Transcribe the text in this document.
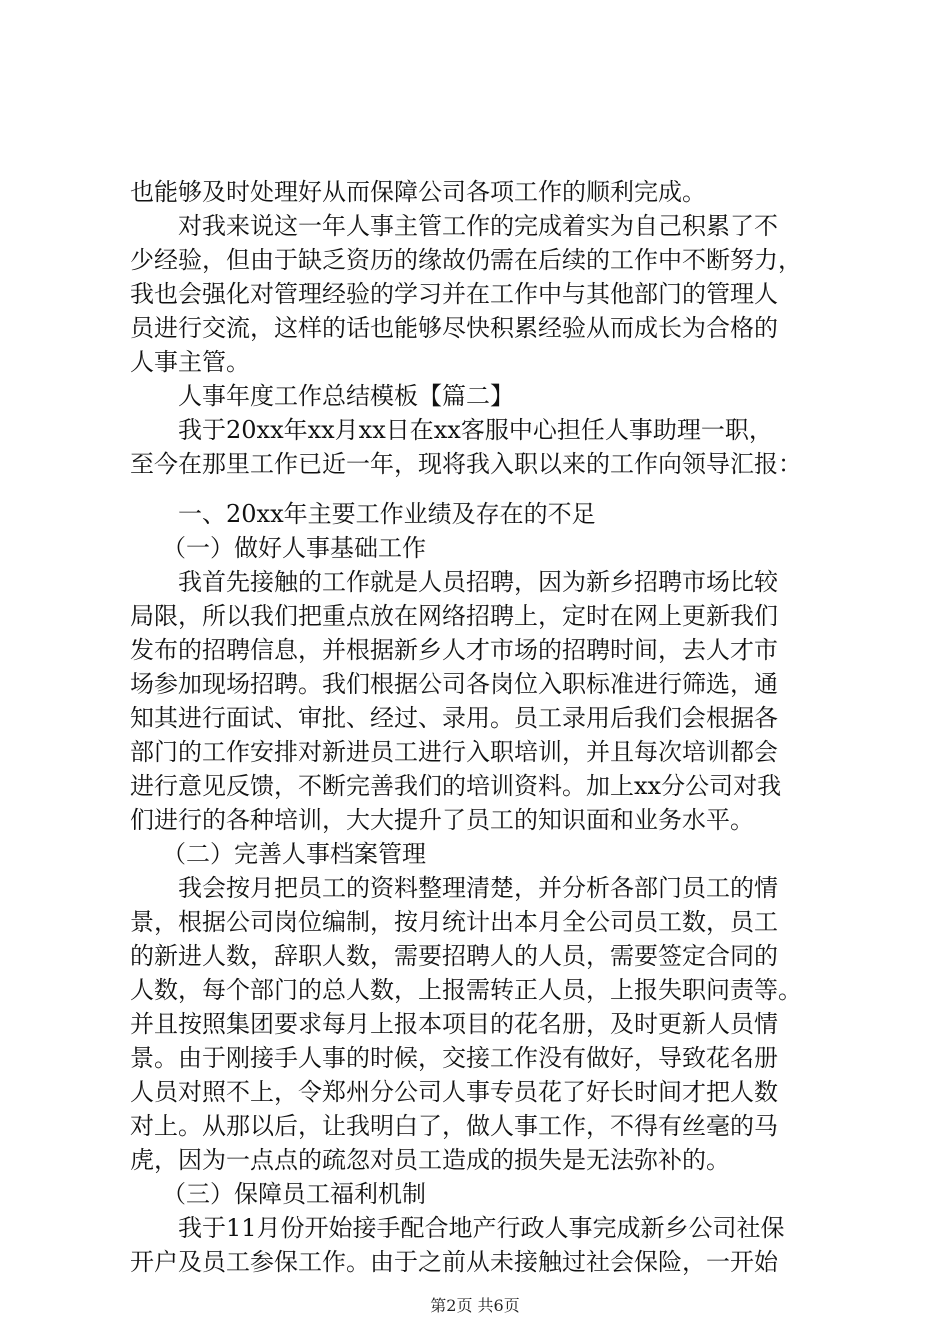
也能够及时处理好从而保障公司各项工作的顺利完成。
对我来说这一年人事主管工作的完成着实为自己积累了不
少经验，但由于缺乏资历的缘故仍需在后续的工作中不断努力，
我也会强化对管理经验的学习并在工作中与其他部门的管理人
员进行交流，这样的话也能够尽快积累经验从而成长为合格的
人事主管。
人事年度工作总结模板【篇二】
我于20xx年xx月xx日在xx客服中心担任人事助理一职，
至今在那里工作已近一年，现将我入职以来的工作向领导汇报：
一、20xx年主要工作业绩及存在的不足
（一）做好人事基础工作
我首先接触的工作就是人员招聘，因为新乡招聘市场比较
局限，所以我们把重点放在网络招聘上，定时在网上更新我们
发布的招聘信息，并根据新乡人才市场的招聘时间，去人才市
场参加现场招聘。我们根据公司各岗位入职标准进行筛选，通
知其进行面试、审批、经过、录用。员工录用后我们会根据各
部门的工作安排对新进员工进行入职培训，并且每次培训都会
进行意见反馈，不断完善我们的培训资料。加上xx分公司对我
们进行的各种培训，大大提升了员工的知识面和业务水平。
（二）完善人事档案管理
我会按月把员工的资料整理清楚，并分析各部门员工的情
景，根据公司岗位编制，按月统计出本月全公司员工数，员工
的新进人数，辞职人数，需要招聘人的人员，需要签定合同的
人数，每个部门的总人数，上报需转正人员，上报失职问责等。
并且按照集团要求每月上报本项目的花名册，及时更新人员情
景。由于刚接手人事的时候，交接工作没有做好，导致花名册
人员对照不上，令郑州分公司人事专员花了好长时间才把人数
对上。从那以后，让我明白了，做人事工作，不得有丝毫的马
虎，因为一点点的疏忽对员工造成的损失是无法弥补的。
（三）保障员工福利机制
我于11月份开始接手配合地产行政人事完成新乡公司社保
开户及员工参保工作。由于之前从未接触过社会保险，一开始
第2页 共6页
